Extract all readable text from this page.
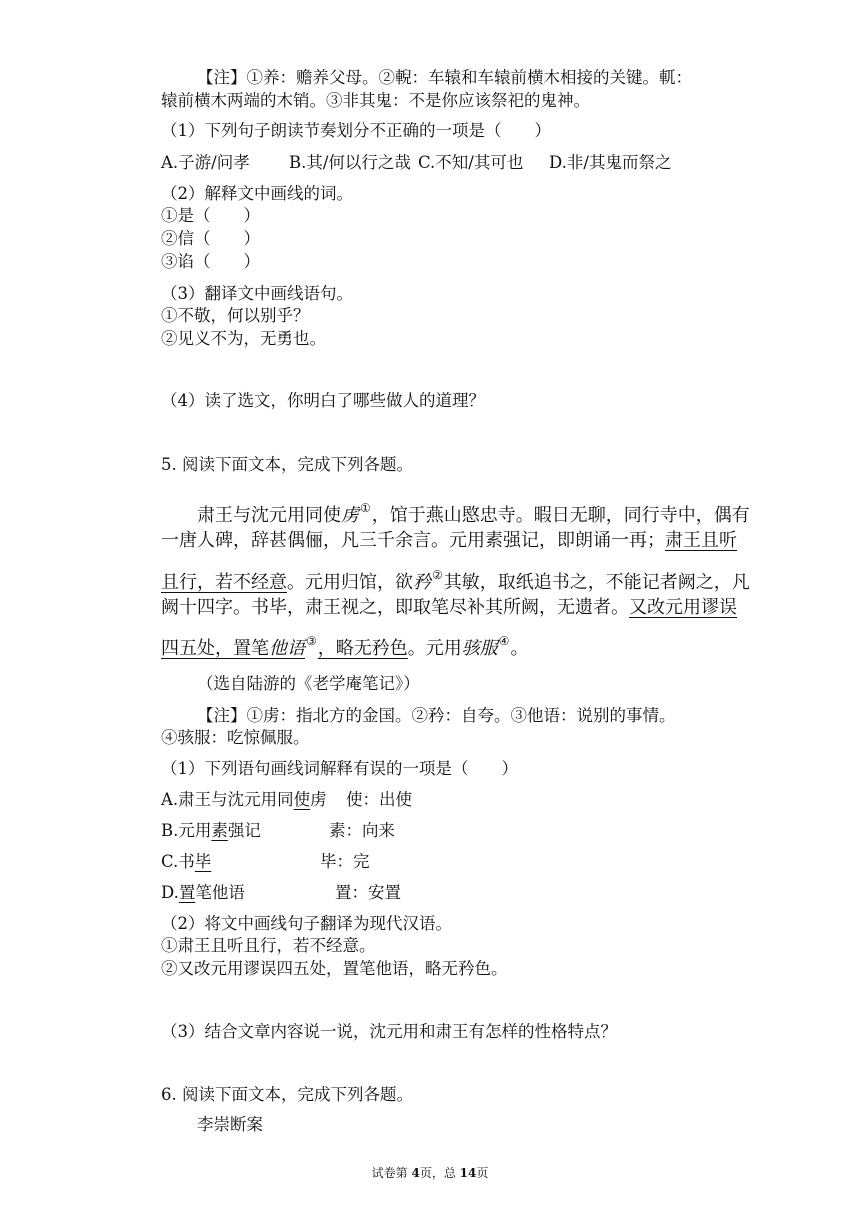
【注】①养：赡养父母。②輗：车辕和车辕前横木相接的关键。軏：
辕前横木两端的木销。③非其鬼：不是你应该祭祀的鬼神。
（1）下列句子朗读节奏划分不正确的一项是（　　）
A.子游/问孝 B.其/何以行之哉 C.不知/其可也 D.非/其鬼而祭之
（2）解释文中画线的词。
①是（　　）
②信（　　）
③谄（　　）
（3）翻译文中画线语句。
①不敬，何以别乎？
②见义不为，无勇也。
（4）读了选文，你明白了哪些做人的道理？
5. 阅读下面文本，完成下列各题。
肃王与沈元用同使虏①，馆于燕山愍忠寺。暇日无聊，同行寺中，偶有
一唐人碑，辞甚偶俪，凡三千余言。元用素强记，即朗诵一再；肃王且听
且行，若不经意。元用归馆，欲矜②其敏，取纸追书之，不能记者阙之，凡
阙十四字。书毕，肃王视之，即取笔尽补其所阙，无遗者。又改元用谬误
四五处，置笔他语③，略无矜色。元用骇服④。
（选自陆游的《老学庵笔记》）
【注】①虏：指北方的金国。②矜：自夸。③他语：说别的事情。
④骇服：吃惊佩服。
（1）下列语句画线词解释有误的一项是（　　）
A.肃王与沈元用同使虏 使：出使
B.元用素强记	素：向来
C.书毕	毕：完
D.置笔他语	置：安置
（2）将文中画线句子翻译为现代汉语。
①肃王且听且行，若不经意。
②又改元用谬误四五处，置笔他语，略无矜色。
（3）结合文章内容说一说，沈元用和肃王有怎样的性格特点？
6. 阅读下面文本，完成下列各题。
李崇断案
试卷第 4页，总 14页
